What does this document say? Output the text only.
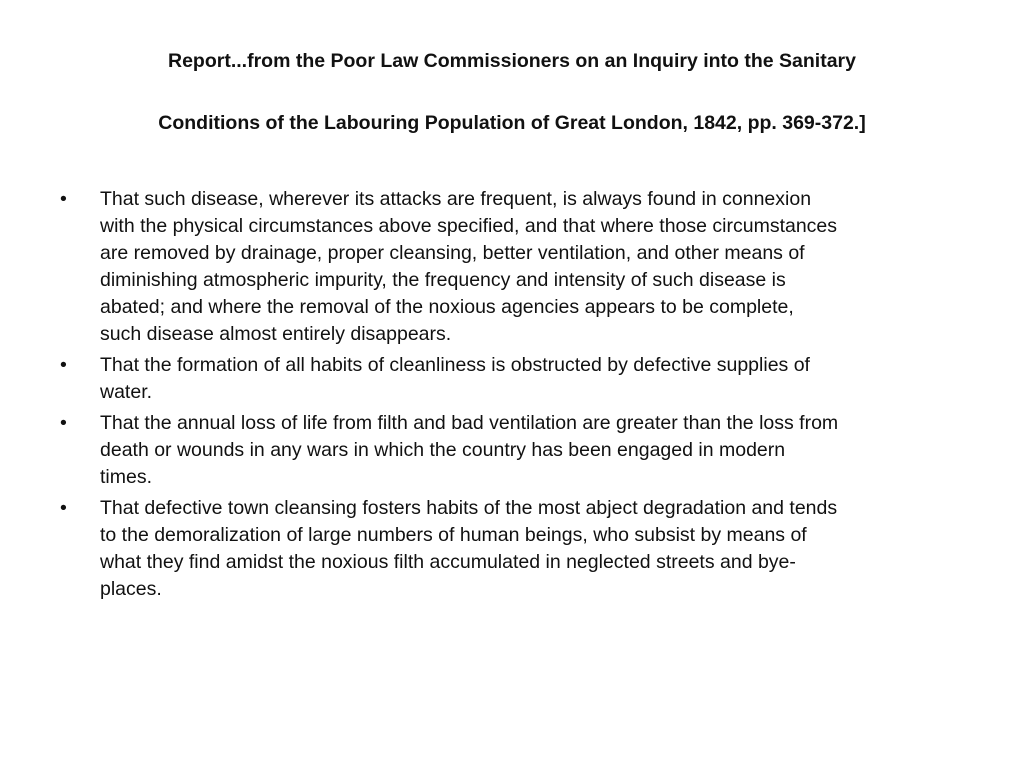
Report...from the Poor Law Commissioners on an Inquiry into the Sanitary

Conditions of the Labouring Population of Great London, 1842, pp. 369-372.]

•	That such disease, wherever its attacks are frequent, is always found in connexion
with the physical circumstances above specified, and that where those circumstances
are removed by drainage, proper cleansing, better ventilation, and other means of
diminishing atmospheric impurity, the frequency and intensity of such disease is
abated; and where the removal of the noxious agencies appears to be complete,
such disease almost entirely disappears.
•	That the formation of all habits of cleanliness is obstructed by defective supplies of
water.
•	That the annual loss of life from filth and bad ventilation are greater than the loss from
death or wounds in any wars in which the country has been engaged in modern
times.
•	That defective town cleansing fosters habits of the most abject degradation and tends
to the demoralization of large numbers of human beings, who subsist by means of
what they find amidst the noxious filth accumulated in neglected streets and bye-
places.
